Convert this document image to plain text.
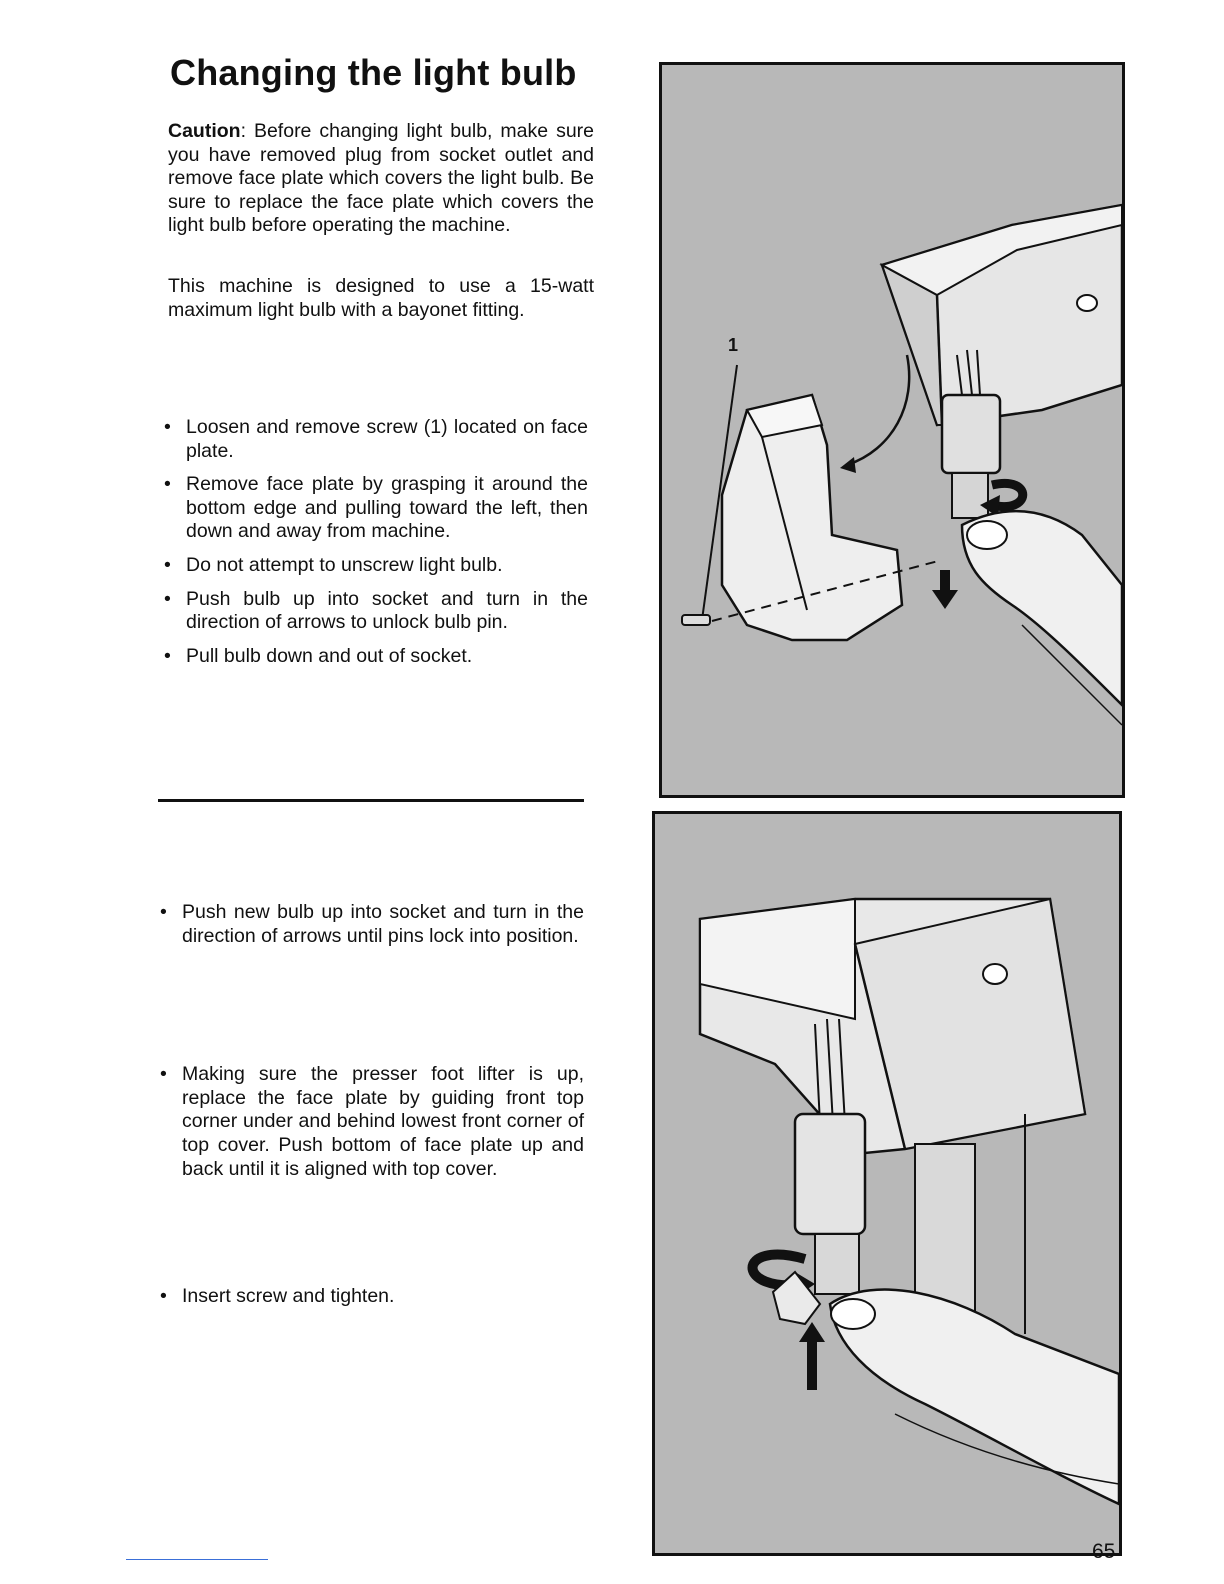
Changing the light bulb

Caution: Before changing light bulb, make sure you have removed plug from socket outlet and remove face plate which covers the light bulb. Be sure to replace the face plate which covers the light bulb before operating the machine.

This machine is designed to use a 15-watt maximum light bulb with a bayonet fitting.

• Loosen and remove screw (1) located on face plate.
• Remove face plate by grasping it around the bottom edge and pulling toward the left, then down and away from machine.
• Do not attempt to unscrew light bulb.
• Push bulb up into socket and turn in the direction of arrows to unlock bulb pin.
• Pull bulb down and out of socket.
• Push new bulb up into socket and turn in the direction of arrows until pins lock into position.
• Making sure the presser foot lifter is up, replace the face plate by guiding front top corner under and behind lowest front corner of top cover. Push bottom of face plate up and back until it is aligned with top cover.
• Insert screw and tighten.
1
65
